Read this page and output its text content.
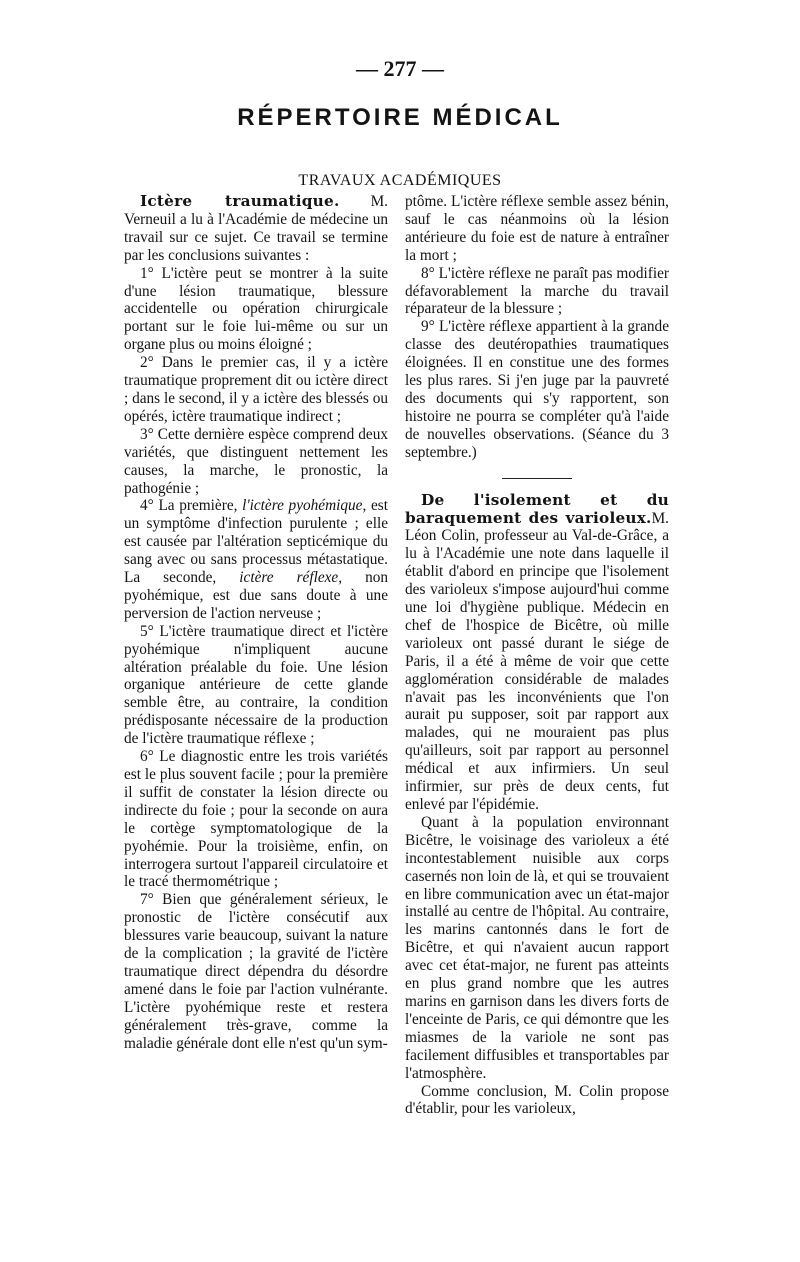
— 277 —
RÉPERTOIRE MÉDICAL
TRAVAUX ACADÉMIQUES

Ictère traumatique. M. Verneuil a lu à l'Académie de médecine un travail sur ce sujet. Ce travail se termine par les conclusions suivantes :

1° L'ictère peut se montrer à la suite d'une lésion traumatique, blessure accidentelle ou opération chirurgicale portant sur le foie lui-même ou sur un organe plus ou moins éloigné ;

2° Dans le premier cas, il y a ictère traumatique proprement dit ou ictère direct ; dans le second, il y a ictère des blessés ou opérés, ictère traumatique indirect ;

3° Cette dernière espèce comprend deux variétés, que distinguent nettement les causes, la marche, le pronostic, la pathogénie ;

4° La première, l'ictère pyohémique, est un symptôme d'infection purulente ; elle est causée par l'altération septicémique du sang avec ou sans processus métastatique. La seconde, ictère réflexe, non pyohémique, est due sans doute à une perversion de l'action nerveuse ;

5° L'ictère traumatique direct et l'ictère pyohémique n'impliquent aucune altération préalable du foie. Une lésion organique antérieure de cette glande semble être, au contraire, la condition prédisposante nécessaire de la production de l'ictère traumatique réflexe ;

6° Le diagnostic entre les trois variétés est le plus souvent facile ; pour la première il suffit de constater la lésion directe ou indirecte du foie ; pour la seconde on aura le cortège symptomatologique de la pyohémie. Pour la troisième, enfin, on interrogera surtout l'appareil circulatoire et le tracé thermométrique ;

7° Bien que généralement sérieux, le pronostic de l'ictère consécutif aux blessures varie beaucoup, suivant la nature de la complication ; la gravité de l'ictère traumatique direct dépendra du désordre amené dans le foie par l'action vulnérante. L'ictère pyohémique reste et restera généralement très-grave, comme la maladie générale dont elle n'est qu'un sym-

ptôme. L'ictère réflexe semble assez bénin, sauf le cas néanmoins où la lésion antérieure du foie est de nature à entraîner la mort ;

8° L'ictère réflexe ne paraît pas modifier défavorablement la marche du travail réparateur de la blessure ;

9° L'ictère réflexe appartient à la grande classe des deutéropathies traumatiques éloignées. Il en constitue une des formes les plus rares. Si j'en juge par la pauvreté des documents qui s'y rapportent, son histoire ne pourra se compléter qu'à l'aide de nouvelles observations. (Séance du 3 septembre.)

De l'isolement et du baraquement des varioleux.M. Léon Colin, professeur au Val-de-Grâce, a lu à l'Académie une note dans laquelle il établit d'abord en principe que l'isolement des varioleux s'impose aujourd'hui comme une loi d'hygiène publique. Médecin en chef de l'hospice de Bicêtre, où mille varioleux ont passé durant le siége de Paris, il a été à même de voir que cette agglomération considérable de malades n'avait pas les inconvénients que l'on aurait pu supposer, soit par rapport aux malades, qui ne mouraient pas plus qu'ailleurs, soit par rapport au personnel médical et aux infirmiers. Un seul infirmier, sur près de deux cents, fut enlevé par l'épidémie.

Quant à la population environnant Bicêtre, le voisinage des varioleux a été incontestablement nuisible aux corps casernés non loin de là, et qui se trouvaient en libre communication avec un état-major installé au centre de l'hôpital. Au contraire, les marins cantonnés dans le fort de Bicêtre, et qui n'avaient aucun rapport avec cet état-major, ne furent pas atteints en plus grand nombre que les autres marins en garnison dans les divers forts de l'enceinte de Paris, ce qui démontre que les miasmes de la variole ne sont pas facilement diffusibles et transportables par l'atmosphère.

Comme conclusion, M. Colin propose d'établir, pour les varioleux,
